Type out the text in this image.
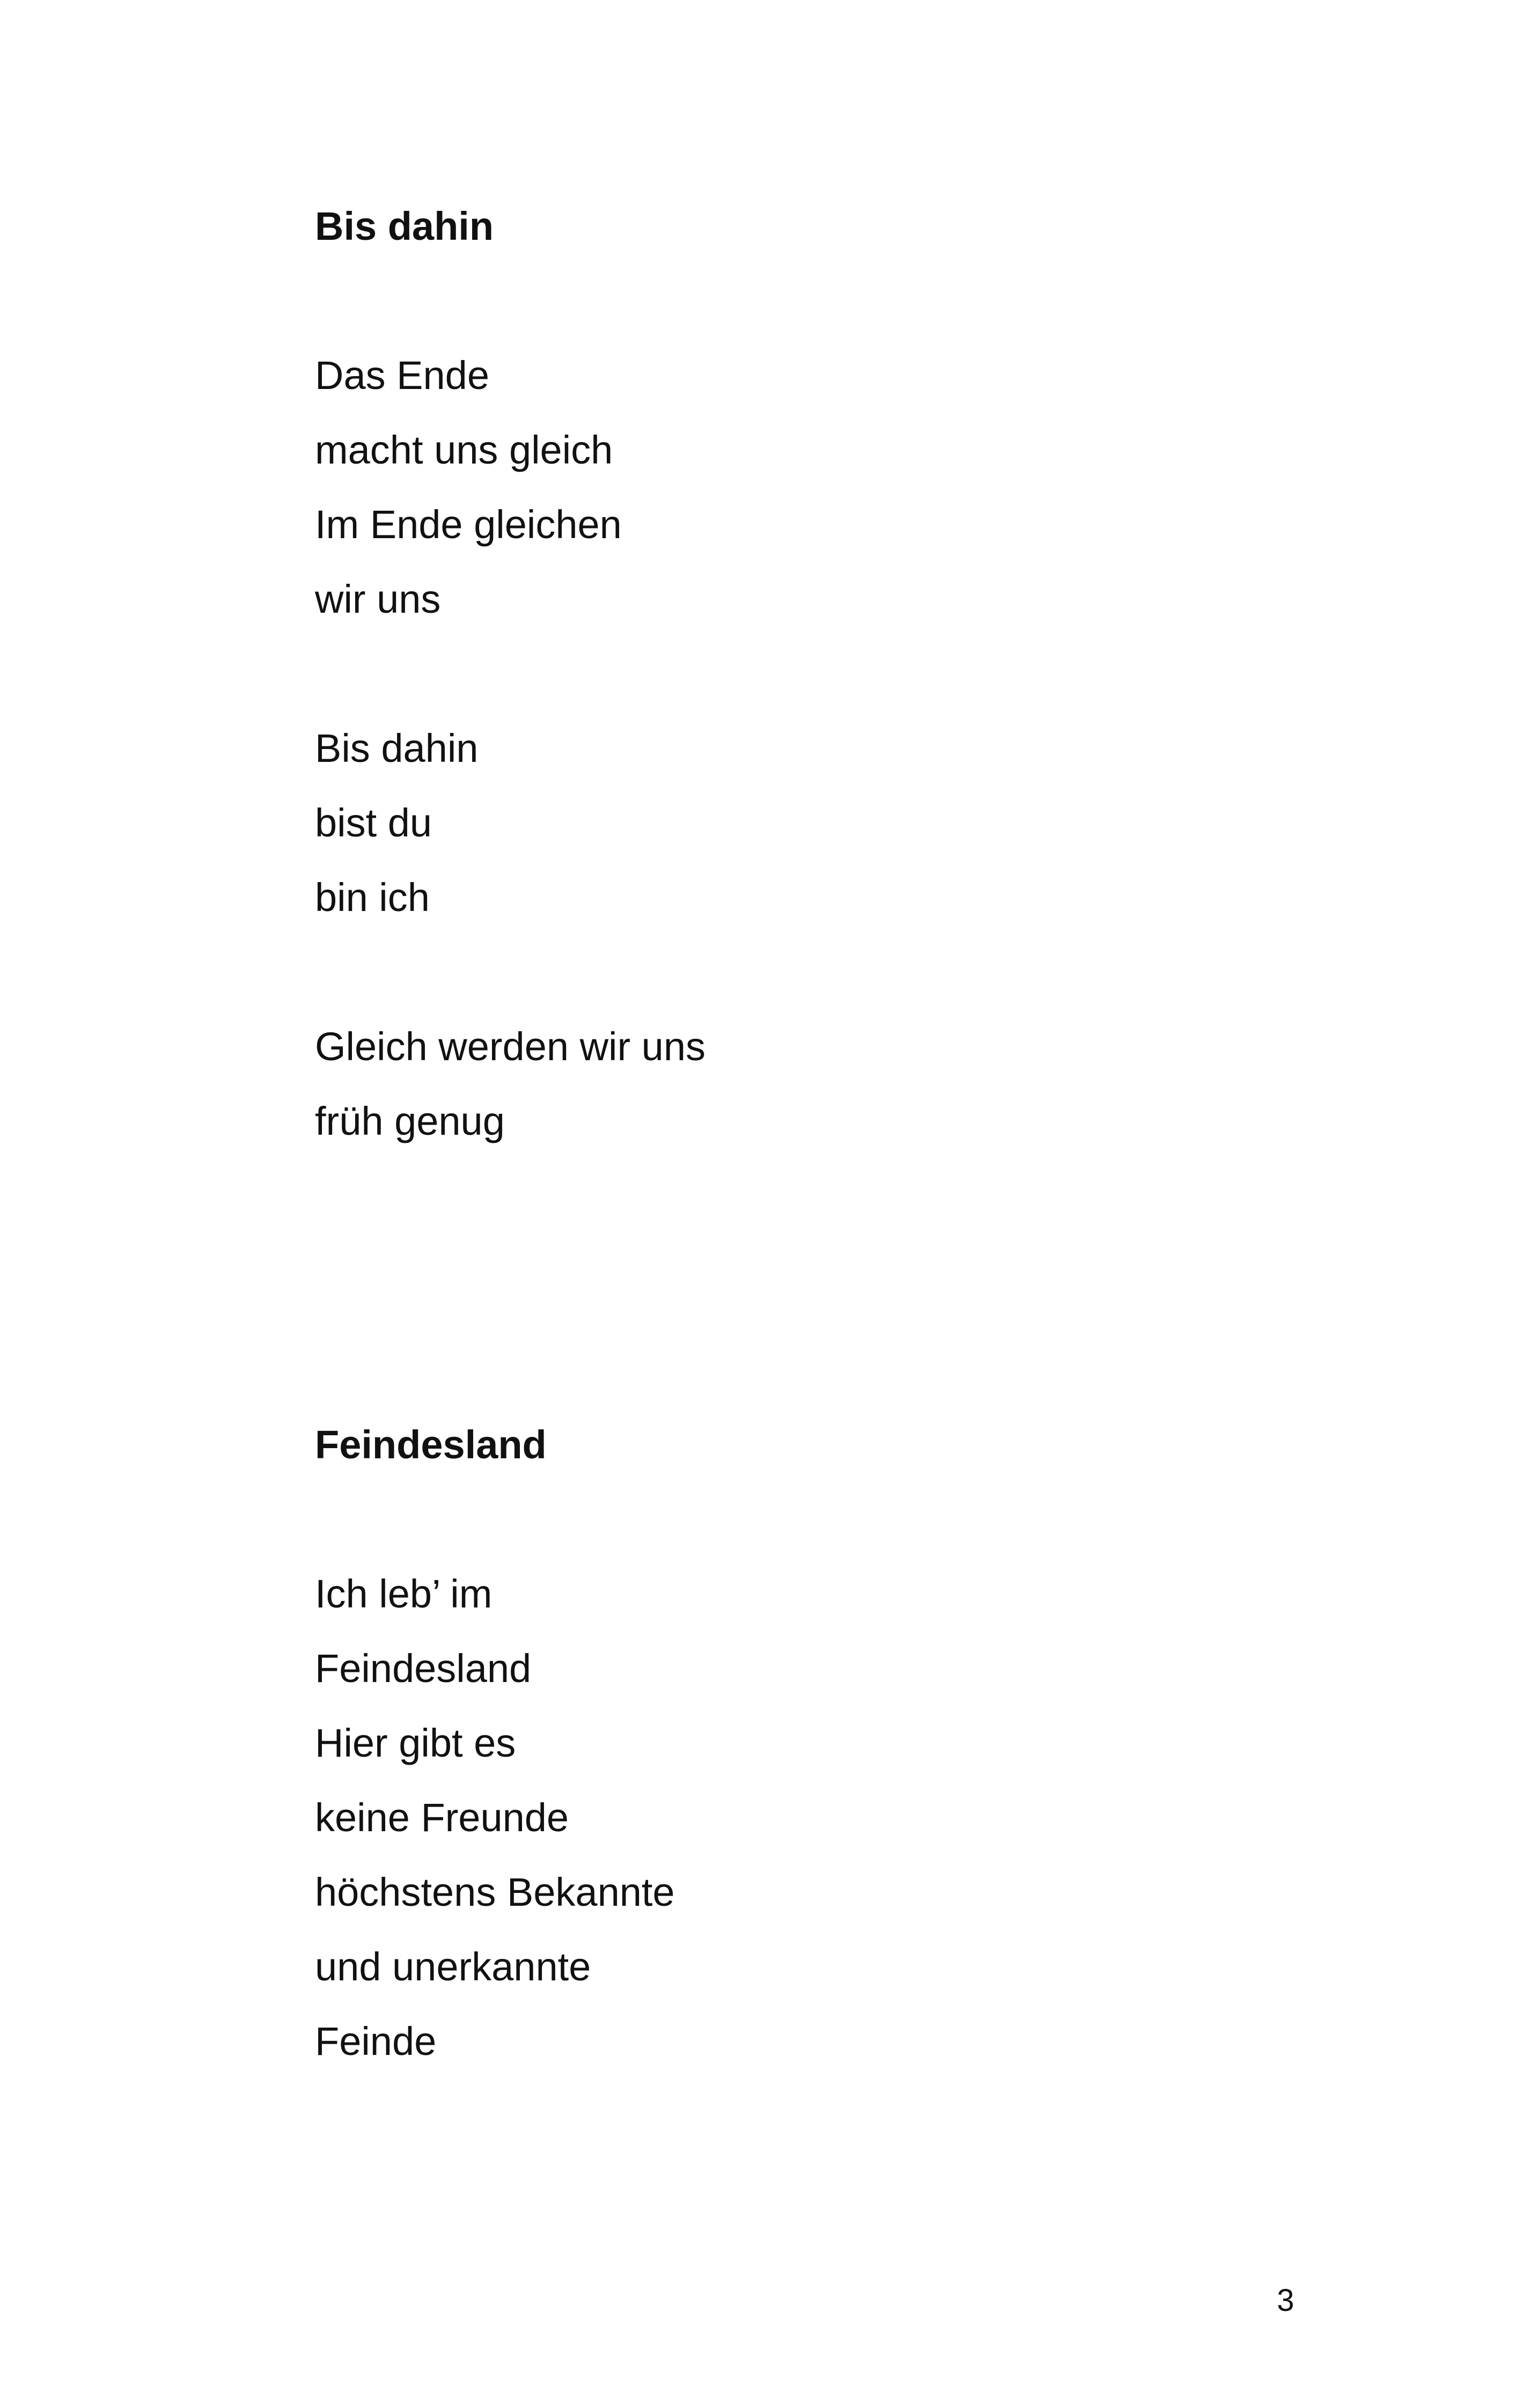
Bis dahin
Das Ende
macht uns gleich
Im Ende gleichen
wir uns
Bis dahin
bist du
bin ich
Gleich werden wir uns
früh genug
Feindesland
Ich leb’ im
Feindesland
Hier gibt es
keine Freunde
höchstens Bekannte
und unerkannte
Feinde
3
